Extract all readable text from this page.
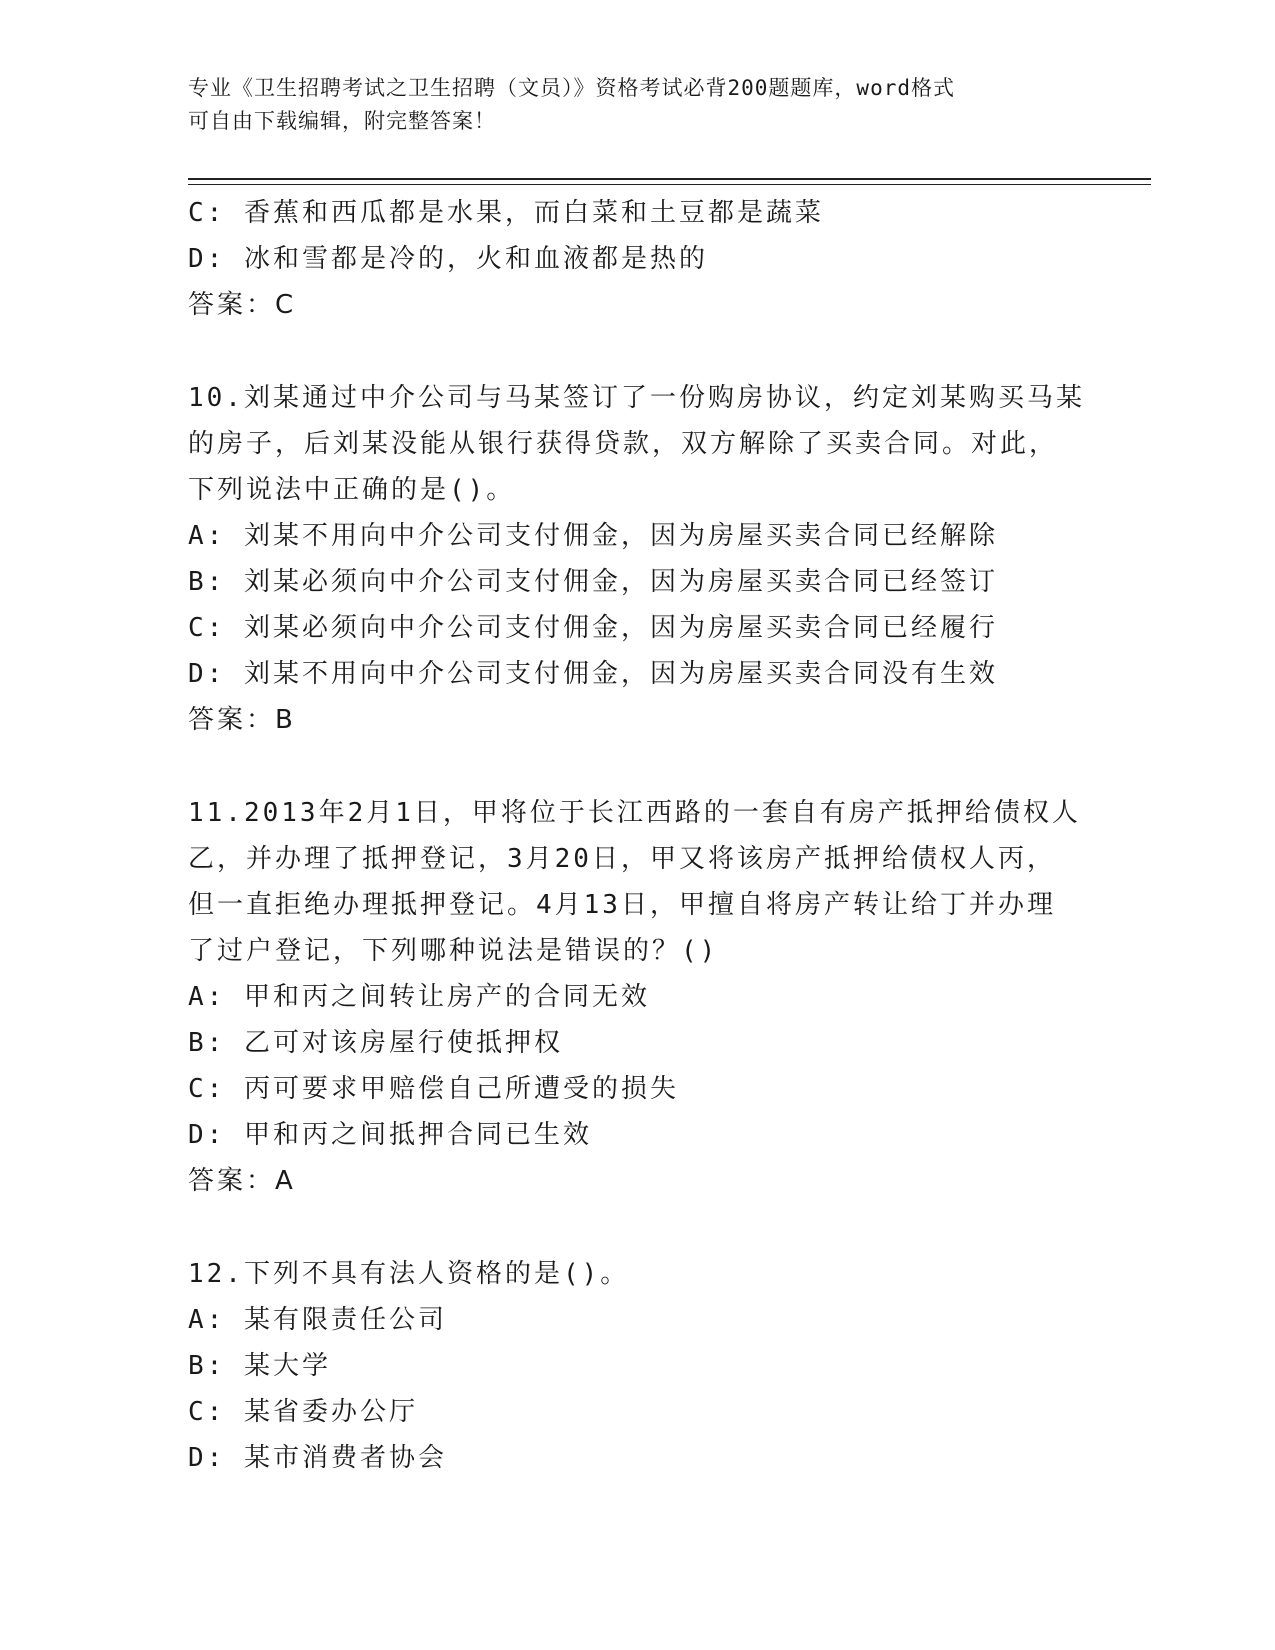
专业《卫生招聘考试之卫生招聘（文员）》资格考试必背200题题库，word格式
可自由下载编辑，附完整答案！
C: 香蕉和西瓜都是水果，而白菜和土豆都是蔬菜
D: 冰和雪都是冷的，火和血液都是热的
答案：C
10.刘某通过中介公司与马某签订了一份购房协议，约定刘某购买马某
的房子，后刘某没能从银行获得贷款，双方解除了买卖合同。对此，
下列说法中正确的是()。
A: 刘某不用向中介公司支付佣金，因为房屋买卖合同已经解除
B: 刘某必须向中介公司支付佣金，因为房屋买卖合同已经签订
C: 刘某必须向中介公司支付佣金，因为房屋买卖合同已经履行
D: 刘某不用向中介公司支付佣金，因为房屋买卖合同没有生效
答案：B
11.2013年2月1日，甲将位于长江西路的一套自有房产抵押给债权人
乙，并办理了抵押登记，3月20日，甲又将该房产抵押给债权人丙，
但一直拒绝办理抵押登记。4月13日，甲擅自将房产转让给丁并办理
了过户登记，下列哪种说法是错误的？()
A: 甲和丙之间转让房产的合同无效
B: 乙可对该房屋行使抵押权
C: 丙可要求甲赔偿自己所遭受的损失
D: 甲和丙之间抵押合同已生效
答案：A
12.下列不具有法人资格的是()。
A: 某有限责任公司
B: 某大学
C: 某省委办公厅
D: 某市消费者协会
